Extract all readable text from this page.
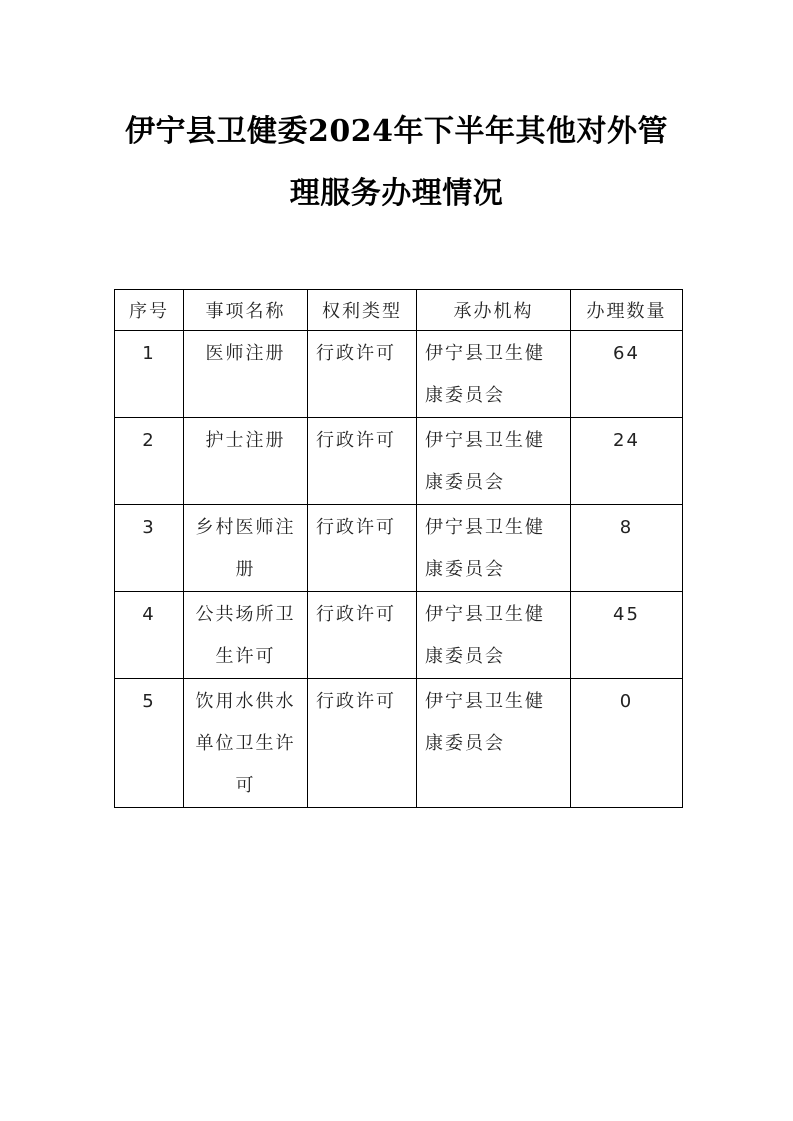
伊宁县卫健委2024年下半年其他对外管
理服务办理情况
序号	事项名称	权利类型	承办机构	办理数量

1	医师注册	行政许可	伊宁县卫生健康委员会	64

2	护士注册	行政许可	伊宁县卫生健康委员会	24

3	乡村医师注册	行政许可	伊宁县卫生健康委员会	8

4	公共场所卫生许可	行政许可	伊宁县卫生健康委员会	45

5	饮用水供水单位卫生许可	行政许可	伊宁县卫生健康委员会	0
